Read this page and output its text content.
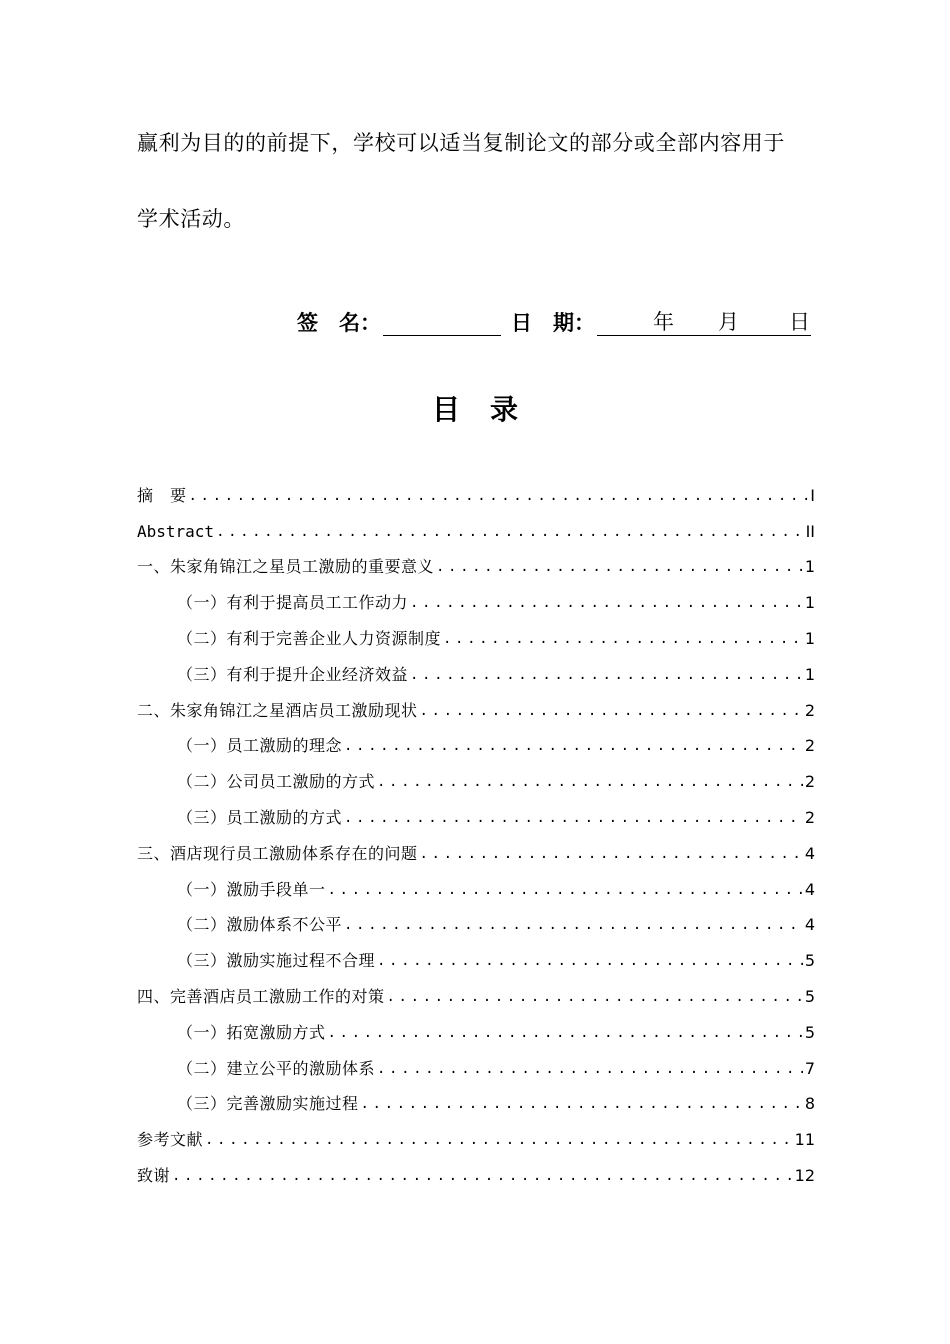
赢利为目的的前提下，学校可以适当复制论文的部分或全部内容用于
学术活动。
签　名：	日　期：	年 月 日
目录
摘　要 .....	I
Abstract .....	II
一、朱家角锦江之星员工激励的重要意义 .....	1
（一）有利于提高员工工作动力 .....	1
（二）有利于完善企业人力资源制度 .....	1
（三）有利于提升企业经济效益 .....	1
二、朱家角锦江之星酒店员工激励现状 .....	2
（一）员工激励的理念 .....	2
（二）公司员工激励的方式 .....	2
（三）员工激励的方式 .....	2
三、酒店现行员工激励体系存在的问题 .....	4
（一）激励手段单一 .....	4
（二）激励体系不公平 .....	4
（三）激励实施过程不合理 .....	5
四、完善酒店员工激励工作的对策 .....	5
（一）拓宽激励方式 .....	5
（二）建立公平的激励体系 .....	7
（三）完善激励实施过程 .....	8
参考文献 .....	11
致谢 .....	12
